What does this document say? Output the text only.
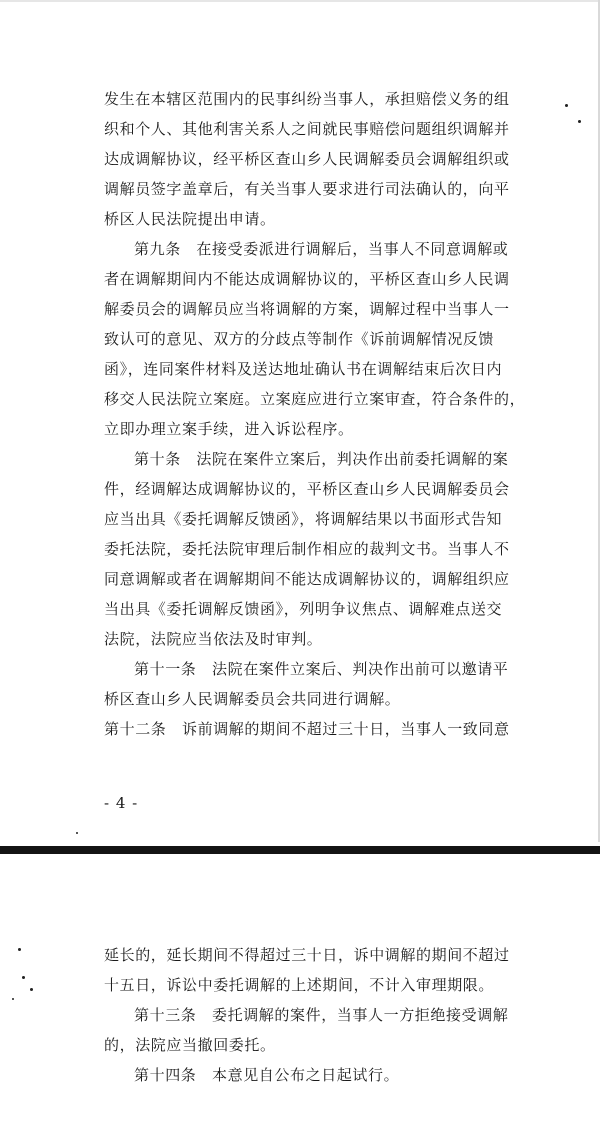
发生在本辖区范围内的民事纠纷当事人，承担赔偿义务的组
织和个人、其他利害关系人之间就民事赔偿问题组织调解并
达成调解协议，经平桥区查山乡人民调解委员会调解组织或
调解员签字盖章后，有关当事人要求进行司法确认的，向平
桥区人民法院提出申请。
第九条　在接受委派进行调解后，当事人不同意调解或
者在调解期间内不能达成调解协议的，平桥区查山乡人民调
解委员会的调解员应当将调解的方案，调解过程中当事人一
致认可的意见、双方的分歧点等制作《诉前调解情况反馈
函》，连同案件材料及送达地址确认书在调解结束后次日内
移交人民法院立案庭。立案庭应进行立案审查，符合条件的，
立即办理立案手续，进入诉讼程序。
第十条　法院在案件立案后，判决作出前委托调解的案
件，经调解达成调解协议的，平桥区查山乡人民调解委员会
应当出具《委托调解反馈函》，将调解结果以书面形式告知
委托法院，委托法院审理后制作相应的裁判文书。当事人不
同意调解或者在调解期间不能达成调解协议的，调解组织应
当出具《委托调解反馈函》，列明争议焦点、调解难点送交
法院，法院应当依法及时审判。
第十一条　法院在案件立案后、判决作出前可以邀请平
桥区查山乡人民调解委员会共同进行调解。
第十二条　诉前调解的期间不超过三十日，当事人一致同意
- 4 -
延长的，延长期间不得超过三十日，诉中调解的期间不超过
十五日，诉讼中委托调解的上述期间，不计入审理期限。
第十三条　委托调解的案件，当事人一方拒绝接受调解
的，法院应当撤回委托。
第十四条　本意见自公布之日起试行。
